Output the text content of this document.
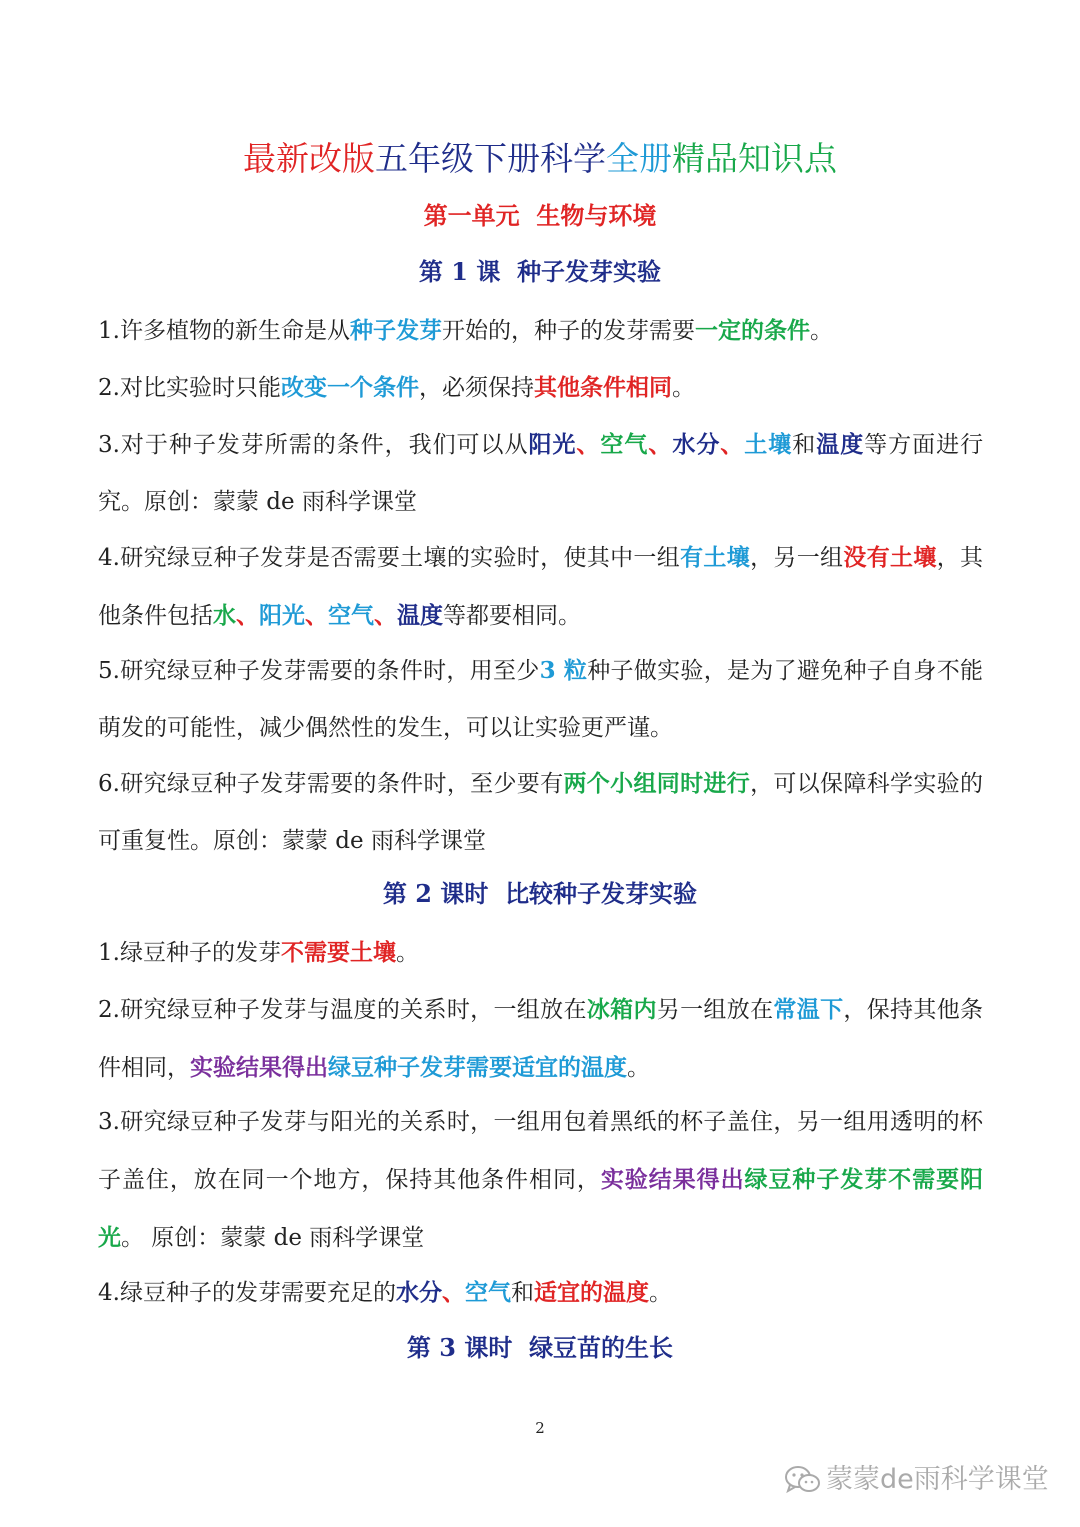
最新改版五年级下册科学全册精品知识点
第一单元 生物与环境
第 1 课 种子发芽实验
1.许多植物的新生命是从种子发芽开始的，种子的发芽需要一定的条件。
2.对比实验时只能改变一个条件，必须保持其他条件相同。
3.对于种子发芽所需的条件，我们可以从阳光、空气、水分、土壤和温度等方面进行究。原创：蒙蒙 de 雨科学课堂
4.研究绿豆种子发芽是否需要土壤的实验时，使其中一组有土壤，另一组没有土壤，其他条件包括水、阳光、空气、温度等都要相同。
5.研究绿豆种子发芽需要的条件时，用至少3 粒种子做实验，是为了避免种子自身不能萌发的可能性，减少偶然性的发生，可以让实验更严谨。
6.研究绿豆种子发芽需要的条件时，至少要有两个小组同时进行，可以保障科学实验的可重复性。原创：蒙蒙 de 雨科学课堂
第 2 课时 比较种子发芽实验
1.绿豆种子的发芽不需要土壤。
2.研究绿豆种子发芽与温度的关系时，一组放在冰箱内另一组放在常温下，保持其他条件相同，实验结果得出绿豆种子发芽需要适宜的温度。
3.研究绿豆种子发芽与阳光的关系时，一组用包着黑纸的杯子盖住，另一组用透明的杯子盖住，放在同一个地方，保持其他条件相同，实验结果得出绿豆种子发芽不需要阳光。 原创：蒙蒙 de 雨科学课堂
4.绿豆种子的发芽需要充足的水分、空气和适宜的温度。
第 3 课时 绿豆苗的生长
2
蒙蒙de雨科学课堂
